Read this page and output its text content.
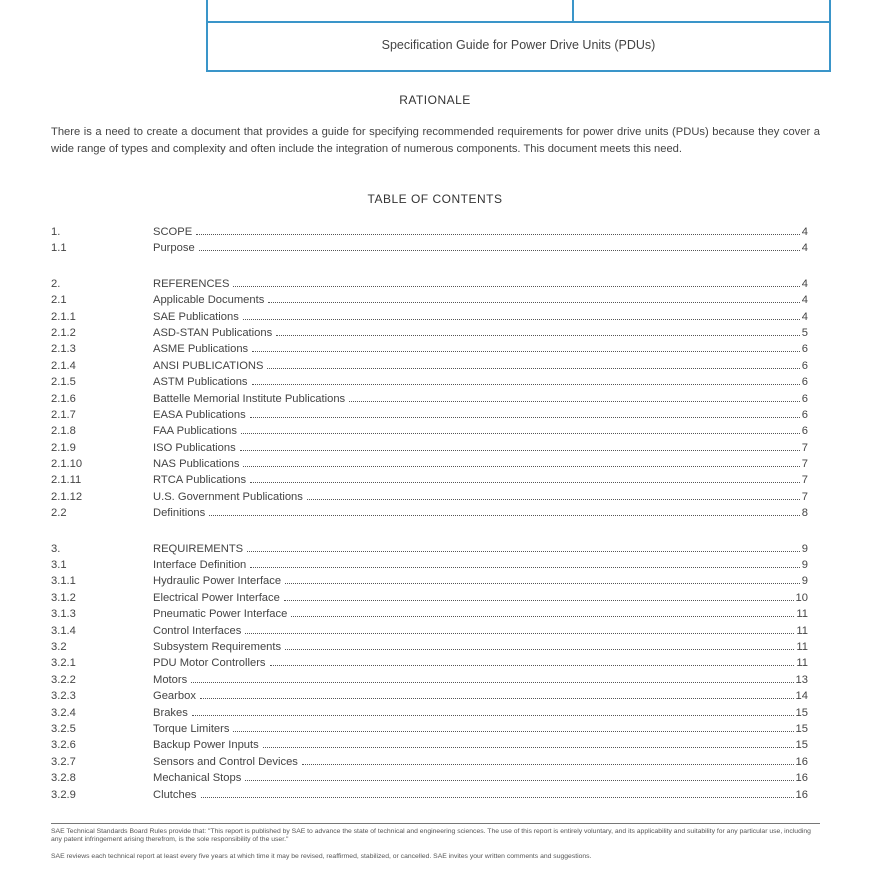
Specification Guide for Power Drive Units (PDUs)
RATIONALE

There is a need to create a document that provides a guide for specifying recommended requirements for power drive units (PDUs) because they cover a wide range of types and complexity and often include the integration of numerous components. This document meets this need.

TABLE OF CONTENTS
1.	SCOPE	4
1.1	Purpose	4
2.	REFERENCES	4
2.1	Applicable Documents	4
2.1.1	SAE Publications	4
2.1.2	ASD-STAN Publications	5
2.1.3	ASME Publications	6
2.1.4	ANSI PUBLICATIONS	6
2.1.5	ASTM Publications	6
2.1.6	Battelle Memorial Institute Publications	6
2.1.7	EASA Publications	6
2.1.8	FAA Publications	6
2.1.9	ISO Publications	7
2.1.10	NAS Publications	7
2.1.11	RTCA Publications	7
2.1.12	U.S. Government Publications	7
2.2	Definitions	8
3.	REQUIREMENTS	9
3.1	Interface Definition	9
3.1.1	Hydraulic Power Interface	9
3.1.2	Electrical Power Interface	10
3.1.3	Pneumatic Power Interface	11
3.1.4	Control Interfaces	11
3.2	Subsystem Requirements	11
3.2.1	PDU Motor Controllers	11
3.2.2	Motors	13
3.2.3	Gearbox	14
3.2.4	Brakes	15
3.2.5	Torque Limiters	15
3.2.6	Backup Power Inputs	15
3.2.7	Sensors and Control Devices	16
3.2.8	Mechanical Stops	16
3.2.9	Clutches	16

SAE Technical Standards Board Rules provide that: "This report is published by SAE to advance the state of technical and engineering sciences. The use of this report is entirely voluntary, and its applicability and suitability for any particular use, including any patent infringement arising therefrom, is the sole responsibility of the user."

SAE reviews each technical report at least every five years at which time it may be revised, reaffirmed, stabilized, or cancelled. SAE invites your written comments and suggestions.
